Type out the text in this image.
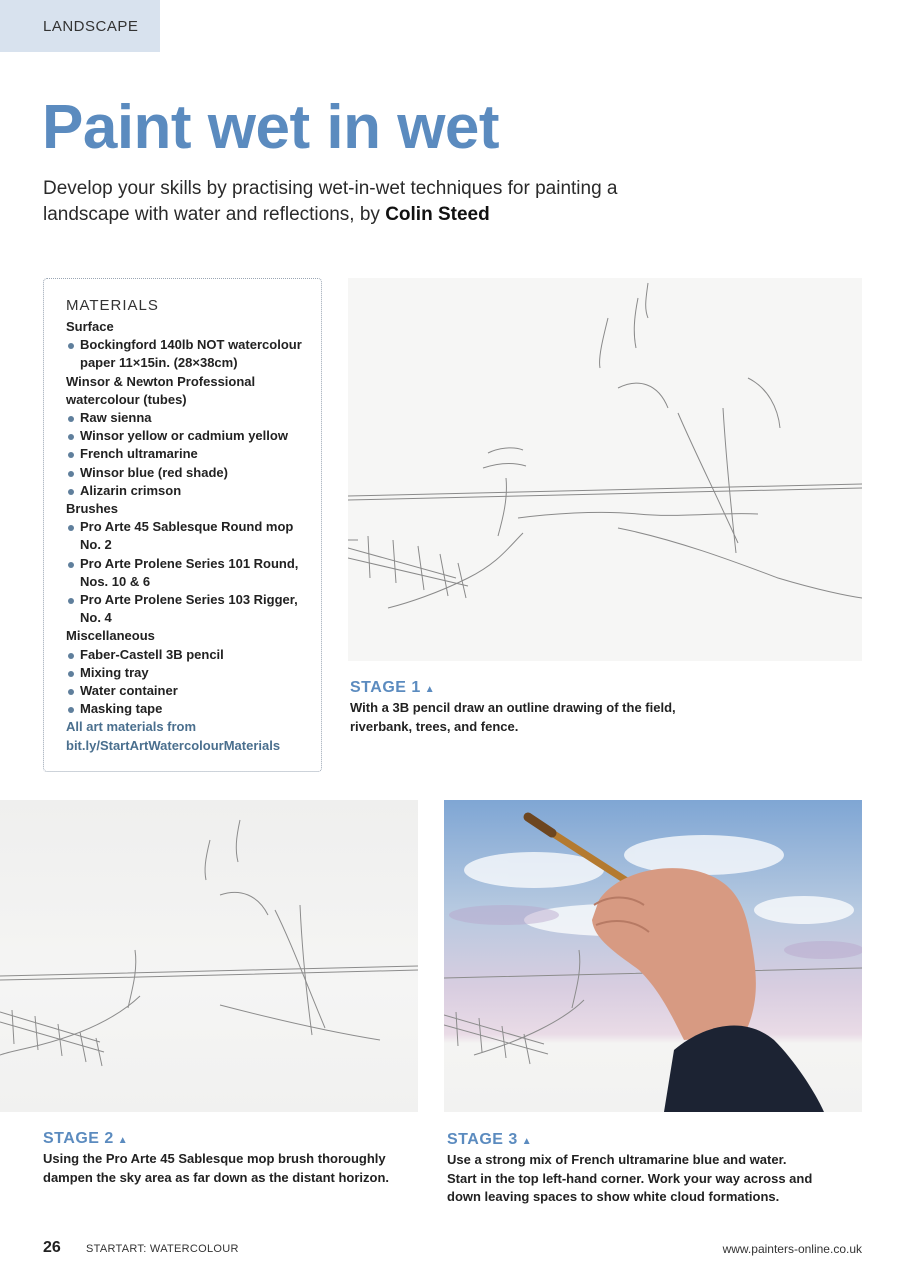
LANDSCAPE
Paint wet in wet

Develop your skills by practising wet-in-wet techniques for painting a landscape with water and reflections, by Colin Steed

MATERIALS
Surface
Bockingford 140lb NOT watercolour paper 11×15in. (28×38cm)
Winsor & Newton Professional watercolour (tubes)
Raw sienna
Winsor yellow or cadmium yellow
French ultramarine
Winsor blue (red shade)
Alizarin crimson
Brushes
Pro Arte 45 Sablesque Round mop No. 2
Pro Arte Prolene Series 101 Round, Nos. 10 & 6
Pro Arte Prolene Series 103 Rigger, No. 4
Miscellaneous
Faber-Castell 3B pencil
Mixing tray
Water container
Masking tape
All art materials from
bit.ly/StartArtWatercolourMaterials
STAGE 1 ▲
With a 3B pencil draw an outline drawing of the field, riverbank, trees, and fence.
STAGE 2 ▲
Using the Pro Arte 45 Sablesque mop brush thoroughly dampen the sky area as far down as the distant horizon.
STAGE 3 ▲
Use a strong mix of French ultramarine blue and water. Start in the top left-hand corner. Work your way across and down leaving spaces to show white cloud formations.
26 STARTART: WATERCOLOUR	www.painters-online.co.uk
